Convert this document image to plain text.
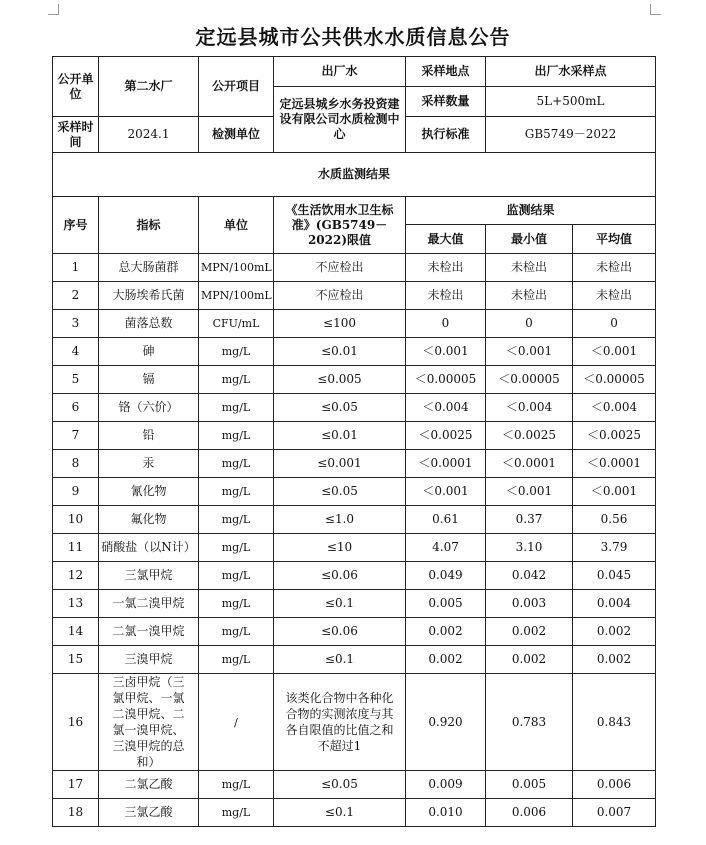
定远县城市公共供水水质信息公告
公开单位	第二水厂	公开项目	出厂水	采样地点	出厂水采样点	
			定远县城乡水务投资建设有限公司水质检测中心	采样数量	5L+500mL	
采样时间	2024.1	检测单位		执行标准	GB5749－2022	
水质监测结果						
序号	指标	单位	《生活饮用水卫生标准》(GB5749－2022)限值	监测结果		
				最大值	最小值	平均值
1	总大肠菌群	MPN/100mL	不应检出	未检出	未检出	未检出
2	大肠埃希氏菌	MPN/100mL	不应检出	未检出	未检出	未检出
3	菌落总数	CFU/mL	≤100	0	0	0
4	砷	mg/L	≤0.01	＜0.001	＜0.001	＜0.001
5	镉	mg/L	≤0.005	＜0.00005	＜0.00005	＜0.00005
6	铬（六价）	mg/L	≤0.05	＜0.004	＜0.004	＜0.004
7	铅	mg/L	≤0.01	＜0.0025	＜0.0025	＜0.0025
8	汞	mg/L	≤0.001	＜0.0001	＜0.0001	＜0.0001
9	氰化物	mg/L	≤0.05	＜0.001	＜0.001	＜0.001
10	氟化物	mg/L	≤1.0	0.61	0.37	0.56
11	硝酸盐（以N计）	mg/L	≤10	4.07	3.10	3.79
12	三氯甲烷	mg/L	≤0.06	0.049	0.042	0.045
13	一氯二溴甲烷	mg/L	≤0.1	0.005	0.003	0.004
14	二氯一溴甲烷	mg/L	≤0.06	0.002	0.002	0.002
15	三溴甲烷	mg/L	≤0.1	0.002	0.002	0.002
16	三卤甲烷（三氯甲烷、一氯二溴甲烷、二氯一溴甲烷、三溴甲烷的总和）	/	该类化合物中各种化合物的实测浓度与其各自限值的比值之和不超过1	0.920	0.783	0.843
17	二氯乙酸	mg/L	≤0.05	0.009	0.005	0.006
18	三氯乙酸	mg/L	≤0.1	0.010	0.006	0.007
